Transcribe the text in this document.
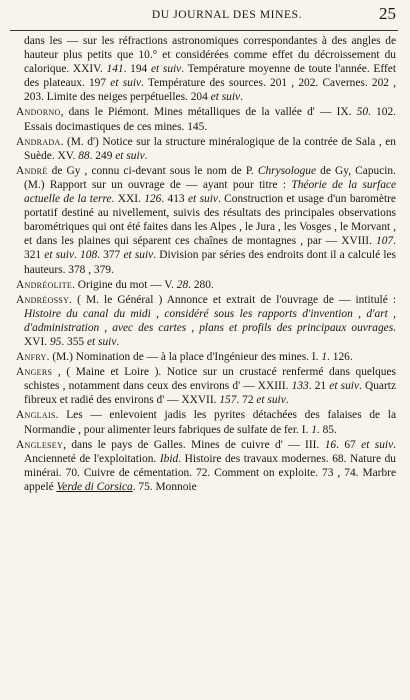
DU JOURNAL DES MINES.	25

dans les — sur les réfractions astronomiques correspondantes à des angles de hauteur plus petits que 10.° et considérées comme effet du décroissement du calorique. XXIV. 141. 194 et suiv. Température moyenne de toute l'année. Effet des plateaux. 197 et suiv. Température des sources. 201 , 202. Cavernes. 202 , 203. Limite des neiges perpétuelles. 204 et suiv.

Andorno, dans le Piémont. Mines métalliques de la vallée d' — IX. 50. 102. Essais docimastiques de ces mines. 145.

Andrada. (M. d') Notice sur la structure minéralogique de la contrée de Sala , en Suède. XV. 88. 249 et suiv.

André de Gy , connu ci-devant sous le nom de P. Chrysologue de Gy, Capucin. (M.) Rapport sur un ouvrage de — ayant pour titre : Théorie de la surface actuelle de la terre. XXI. 126. 413 et suiv. Construction et usage d'un baromètre portatif destiné au nivellement, suivis des résultats des principales observations barométriques qui ont été faites dans les Alpes , le Jura , les Vosges , le Morvant , et dans les plaines qui séparent ces chaînes de montagnes , par — XVIII. 107. 321 et suiv. 108. 377 et suiv. Division par séries des endroits dont il a calculé les hauteurs. 378 , 379.

Andréolite. Origine du mot — V. 28. 280.

Andréossy. ( M. le Général ) Annonce et extrait de l'ouvrage de — intitulé : Histoire du canal du midi , considéré sous les rapports d'invention , d'art , d'administration , avec des cartes , plans et profils des principaux ouvrages. XVI. 95. 355 et suiv.

Anfry. (M.) Nomination de — à la place d'Ingénieur des mines. I. 1. 126.

Angers , ( Maine et Loire ). Notice sur un crustacé renfermé dans quelques schistes , notamment dans ceux des environs d' — XXIII. 133. 21 et suiv. Quartz fibreux et radié des environs d' — XXVII. 157. 72 et suiv.

Anglais. Les — enlevoient jadis les pyrites détachées des falaises de la Normandie , pour alimenter leurs fabriques de sulfate de fer. I. 1. 85.

Anglesey, dans le pays de Galles. Mines de cuivre d' — III. 16. 67 et suiv. Ancienneté de l'exploitation. Ibid. Histoire des travaux modernes. 68. Nature du minérai. 70. Cuivre de cémentation. 72. Comment on exploite. 73 , 74. Marbre appelé Verde di Corsica. 75. Monnoie
